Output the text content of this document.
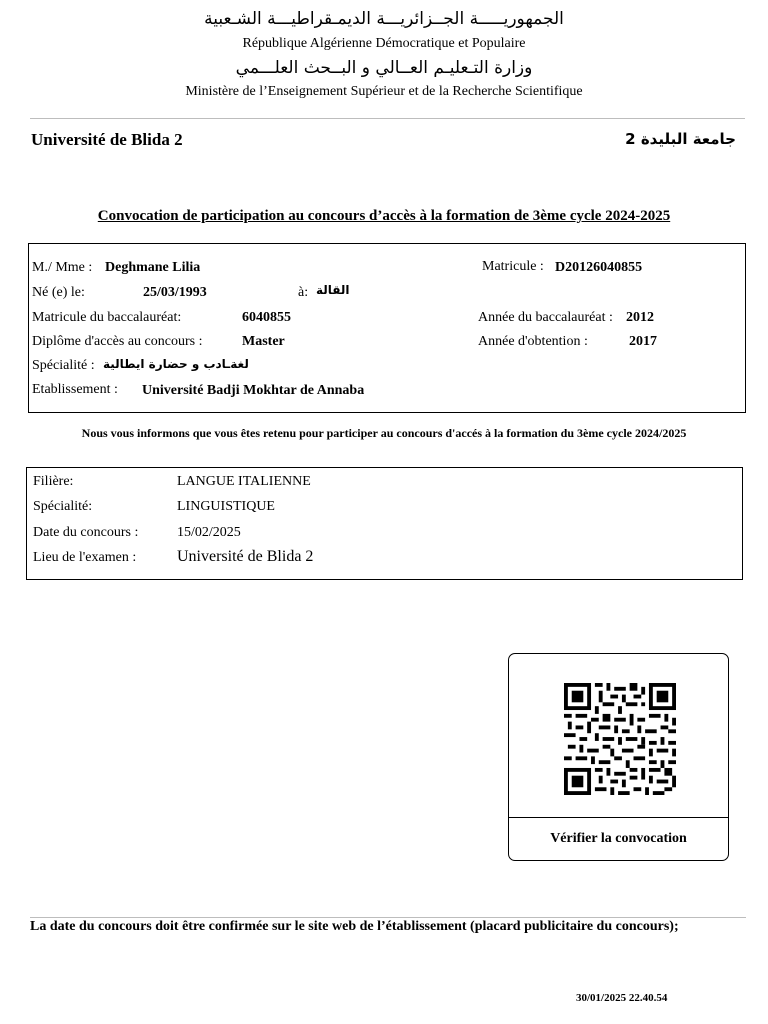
الجمهوريـــــة الجــزائريـــة الديمـقراطيـــة الشـعبية
République Algérienne Démocratique et Populaire
وزارة التـعليـم العــالي و البــحث العلـــمي
Ministère de l’Enseignement Supérieur et de la Recherche Scientifique
Université de Blida 2	جامعة البليدة 2
Convocation de participation au concours d’accès à la formation de 3ème cycle 2024-2025
M./ Mme : Deghmane Lilia	Matricule : D20126040855
Né (e) le:	25/03/1993	à: القالة
Matricule du baccalauréat:	6040855	Année du baccalauréat : 2012
Diplôme d'accès au concours :	Master	Année d'obtention :	2017
Spécialité : لغةـادب و حضارة ايطالية
Etablissement : Université Badji Mokhtar de Annaba
Nous vous informons que vous êtes retenu pour participer au concours d'accés à la formation du 3ème cycle 2024/2025
Filière:	LANGUE ITALIENNE
Spécialité:	LINGUISTIQUE
Date du concours :	15/02/2025
Lieu de l'examen :	Université de Blida 2
Vérifier la convocation
La date du concours doit être confirmée sur le site web de l’établissement (placard publicitaire du concours);
30/01/2025 22.40.54
